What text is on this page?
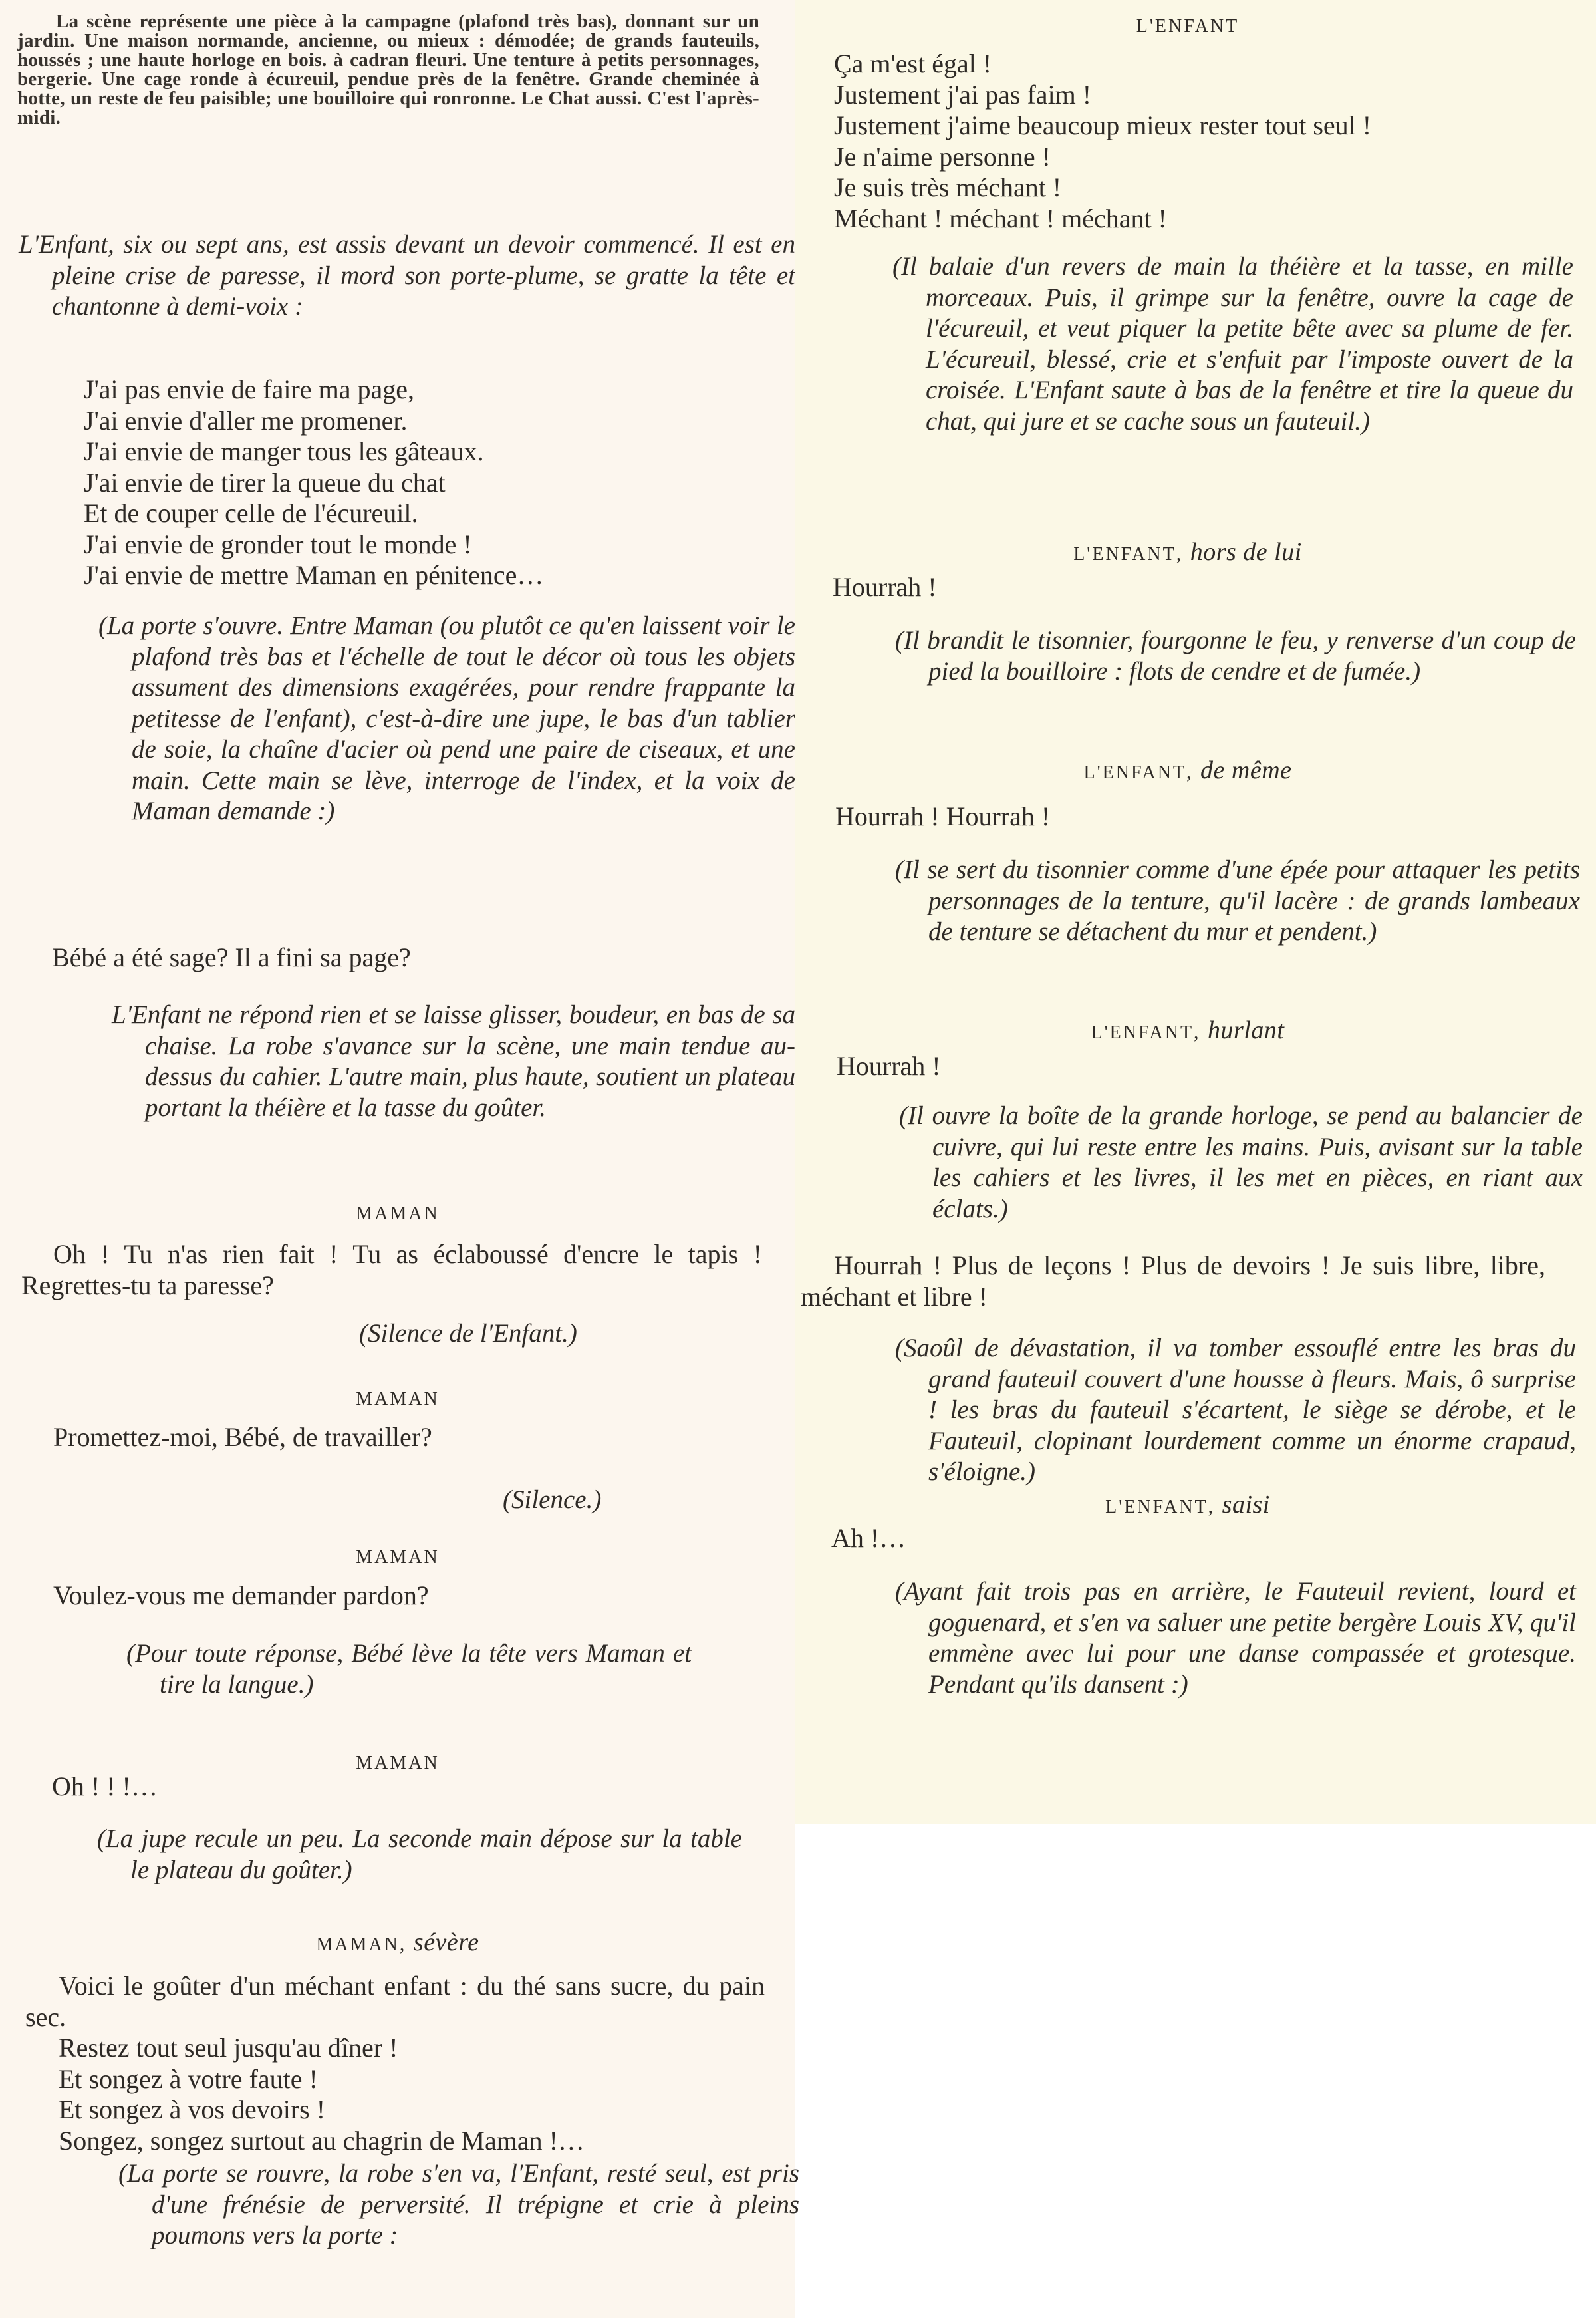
La scène représente une pièce à la campagne (plafond très bas), donnant sur un jardin. Une maison normande, ancienne, ou mieux : démodée; de grands fauteuils, houssés ; une haute horloge en bois. à cadran fleuri. Une tenture à petits personnages, bergerie. Une cage ronde à écureuil, pendue près de la fenêtre. Grande cheminée à hotte, un reste de feu paisible; une bouilloire qui ronronne. Le Chat aussi. C'est l'après-midi.
L'Enfant, six ou sept ans, est assis devant un devoir commencé. Il est en pleine crise de paresse, il mord son porte-plume, se gratte la tête et chantonne à demi-voix :
J'ai pas envie de faire ma page,
J'ai envie d'aller me promener.
J'ai envie de manger tous les gâteaux.
J'ai envie de tirer la queue du chat
Et de couper celle de l'écureuil.
J'ai envie de gronder tout le monde !
J'ai envie de mettre Maman en pénitence…
(La porte s'ouvre. Entre Maman (ou plutôt ce qu'en laissent voir le plafond très bas et l'échelle de tout le décor où tous les objets assument des dimensions exagérées, pour rendre frappante la petitesse de l'enfant), c'est-à-dire une jupe, le bas d'un tablier de soie, la chaîne d'acier où pend une paire de ciseaux, et une main. Cette main se lève, interroge de l'index, et la voix de Maman demande :)
Bébé a été sage? Il a fini sa page?
L'Enfant ne répond rien et se laisse glisser, boudeur, en bas de sa chaise. La robe s'avance sur la scène, une main tendue au-dessus du cahier. L'autre main, plus haute, soutient un plateau portant la théière et la tasse du goûter.
MAMAN
Oh ! Tu n'as rien fait ! Tu as éclaboussé d'encre le tapis ! Regrettes-tu ta paresse?
(Silence de l'Enfant.)
MAMAN
Promettez-moi, Bébé, de travailler?
(Silence.)
MAMAN
Voulez-vous me demander pardon?
(Pour toute réponse, Bébé lève la tête vers Maman et tire la langue.)
MAMAN
Oh ! ! !…
(La jupe recule un peu. La seconde main dépose sur la table le plateau du goûter.)
MAMAN, sévère
Voici le goûter d'un méchant enfant : du thé sans sucre, du pain sec.
Restez tout seul jusqu'au dîner !
Et songez à votre faute !
Et songez à vos devoirs !
Songez, songez surtout au chagrin de Maman !…
(La porte se rouvre, la robe s'en va, l'Enfant, resté seul, est pris d'une frénésie de perversité. Il trépigne et crie à pleins poumons vers la porte :
L'ENFANT
Ça m'est égal !
Justement j'ai pas faim !
Justement j'aime beaucoup mieux rester tout seul !
Je n'aime personne !
Je suis très méchant !
Méchant ! méchant ! méchant !
(Il balaie d'un revers de main la théière et la tasse, en mille morceaux. Puis, il grimpe sur la fenêtre, ouvre la cage de l'écureuil, et veut piquer la petite bête avec sa plume de fer. L'écureuil, blessé, crie et s'enfuit par l'imposte ouvert de la croisée. L'Enfant saute à bas de la fenêtre et tire la queue du chat, qui jure et se cache sous un fauteuil.)
L'ENFANT, hors de lui
Hourrah !
(Il brandit le tisonnier, fourgonne le feu, y renverse d'un coup de pied la bouilloire : flots de cendre et de fumée.)
L'ENFANT, de même
Hourrah ! Hourrah !
(Il se sert du tisonnier comme d'une épée pour attaquer les petits personnages de la tenture, qu'il lacère : de grands lambeaux de tenture se détachent du mur et pendent.)
L'ENFANT, hurlant
Hourrah !
(Il ouvre la boîte de la grande horloge, se pend au balancier de cuivre, qui lui reste entre les mains. Puis, avisant sur la table les cahiers et les livres, il les met en pièces, en riant aux éclats.)
Hourrah ! Plus de leçons ! Plus de devoirs ! Je suis libre, libre, méchant et libre !
(Saoûl de dévastation, il va tomber essouflé entre les bras du grand fauteuil couvert d'une housse à fleurs. Mais, ô surprise ! les bras du fauteuil s'écartent, le siège se dérobe, et le Fauteuil, clopinant lourdement comme un énorme crapaud, s'éloigne.)
L'ENFANT, saisi
Ah !…
(Ayant fait trois pas en arrière, le Fauteuil revient, lourd et goguenard, et s'en va saluer une petite bergère Louis XV, qu'il emmène avec lui pour une danse compassée et grotesque. Pendant qu'ils dansent :)
